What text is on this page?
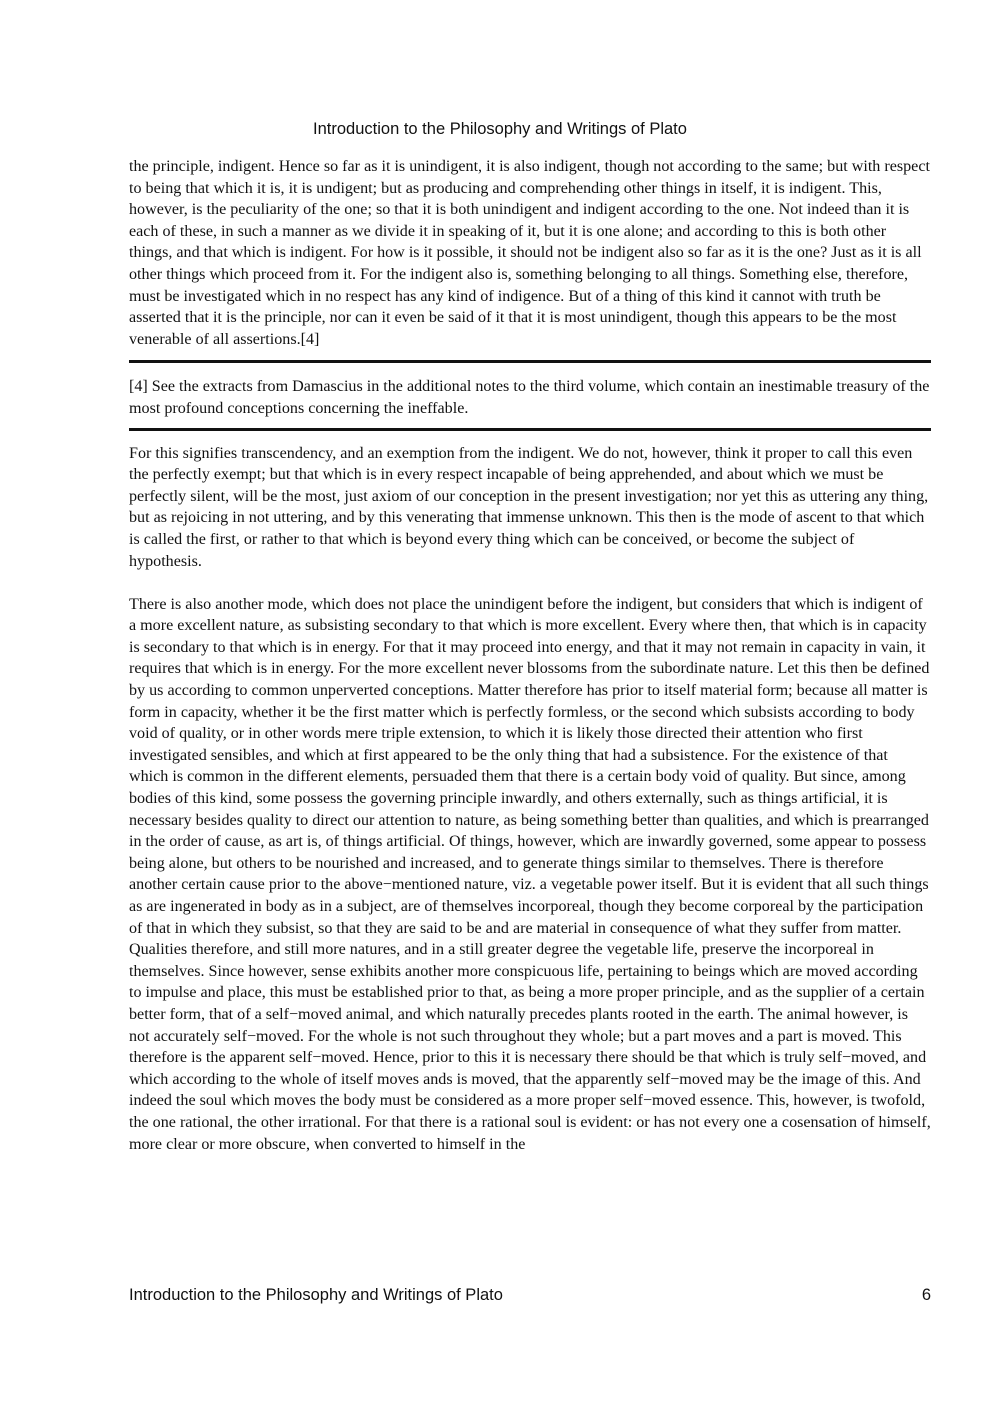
Introduction to the Philosophy and Writings of Plato

the principle, indigent. Hence so far as it is unindigent, it is also indigent, though not according to the same; but with respect to being that which it is, it is undigent; but as producing and comprehending other things in itself, it is indigent. This, however, is the peculiarity of the one; so that it is both unindigent and indigent according to the one. Not indeed than it is each of these, in such a manner as we divide it in speaking of it, but it is one alone; and according to this is both other things, and that which is indigent. For how is it possible, it should not be indigent also so far as it is the one? Just as it is all other things which proceed from it. For the indigent also is, something belonging to all things. Something else, therefore, must be investigated which in no respect has any kind of indigence. But of a thing of this kind it cannot with truth be asserted that it is the principle, nor can it even be said of it that it is most unindigent, though this appears to be the most venerable of all assertions.[4]

[4] See the extracts from Damascius in the additional notes to the third volume, which contain an inestimable treasury of the most profound conceptions concerning the ineffable.

For this signifies transcendency, and an exemption from the indigent. We do not, however, think it proper to call this even the perfectly exempt; but that which is in every respect incapable of being apprehended, and about which we must be perfectly silent, will be the most, just axiom of our conception in the present investigation; nor yet this as uttering any thing, but as rejoicing in not uttering, and by this venerating that immense unknown. This then is the mode of ascent to that which is called the first, or rather to that which is beyond every thing which can be conceived, or become the subject of hypothesis.

There is also another mode, which does not place the unindigent before the indigent, but considers that which is indigent of a more excellent nature, as subsisting secondary to that which is more excellent. Every where then, that which is in capacity is secondary to that which is in energy. For that it may proceed into energy, and that it may not remain in capacity in vain, it requires that which is in energy. For the more excellent never blossoms from the subordinate nature. Let this then be defined by us according to common unperverted conceptions. Matter therefore has prior to itself material form; because all matter is form in capacity, whether it be the first matter which is perfectly formless, or the second which subsists according to body void of quality, or in other words mere triple extension, to which it is likely those directed their attention who first investigated sensibles, and which at first appeared to be the only thing that had a subsistence. For the existence of that which is common in the different elements, persuaded them that there is a certain body void of quality. But since, among bodies of this kind, some possess the governing principle inwardly, and others externally, such as things artificial, it is necessary besides quality to direct our attention to nature, as being something better than qualities, and which is prearranged in the order of cause, as art is, of things artificial. Of things, however, which are inwardly governed, some appear to possess being alone, but others to be nourished and increased, and to generate things similar to themselves. There is therefore another certain cause prior to the above−mentioned nature, viz. a vegetable power itself. But it is evident that all such things as are ingenerated in body as in a subject, are of themselves incorporeal, though they become corporeal by the participation of that in which they subsist, so that they are said to be and are material in consequence of what they suffer from matter. Qualities therefore, and still more natures, and in a still greater degree the vegetable life, preserve the incorporeal in themselves. Since however, sense exhibits another more conspicuous life, pertaining to beings which are moved according to impulse and place, this must be established prior to that, as being a more proper principle, and as the supplier of a certain better form, that of a self−moved animal, and which naturally precedes plants rooted in the earth. The animal however, is not accurately self−moved. For the whole is not such throughout they whole; but a part moves and a part is moved. This therefore is the apparent self−moved. Hence, prior to this it is necessary there should be that which is truly self−moved, and which according to the whole of itself moves ands is moved, that the apparently self−moved may be the image of this. And indeed the soul which moves the body must be considered as a more proper self−moved essence. This, however, is twofold, the one rational, the other irrational. For that there is a rational soul is evident: or has not every one a cosensation of himself, more clear or more obscure, when converted to himself in the

Introduction to the Philosophy and Writings of Plato	6
